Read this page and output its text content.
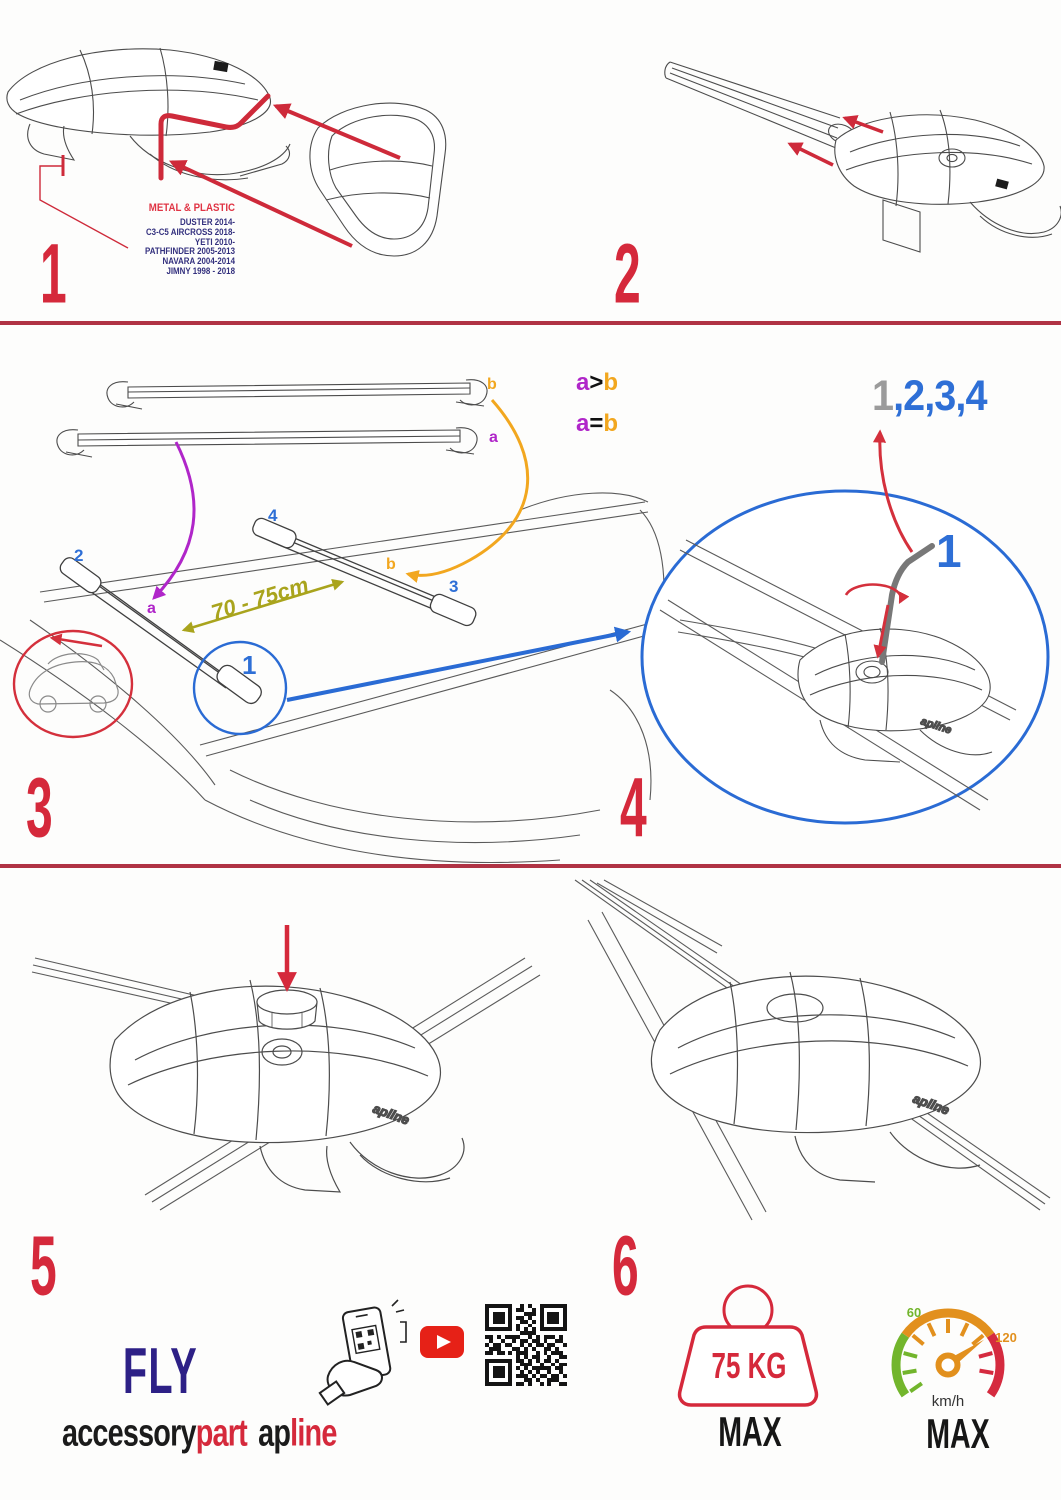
METAL & PLASTIC
DUSTER 2014-
C3-C5 AIRCROSS 2018-
YETI 2010-
PATHFINDER 2005-2013
NAVARA 2004-2014
JIMNY 1998 - 2018
1	2
b
a
a>b
a=b
70 - 75cm
2
4
3
1
a
b
3
apline
1,2,3,4
1
4
apline
5
apline
6
FLY
accessorypart apline
75 KG
MAX
60
120
km/h
MAX
